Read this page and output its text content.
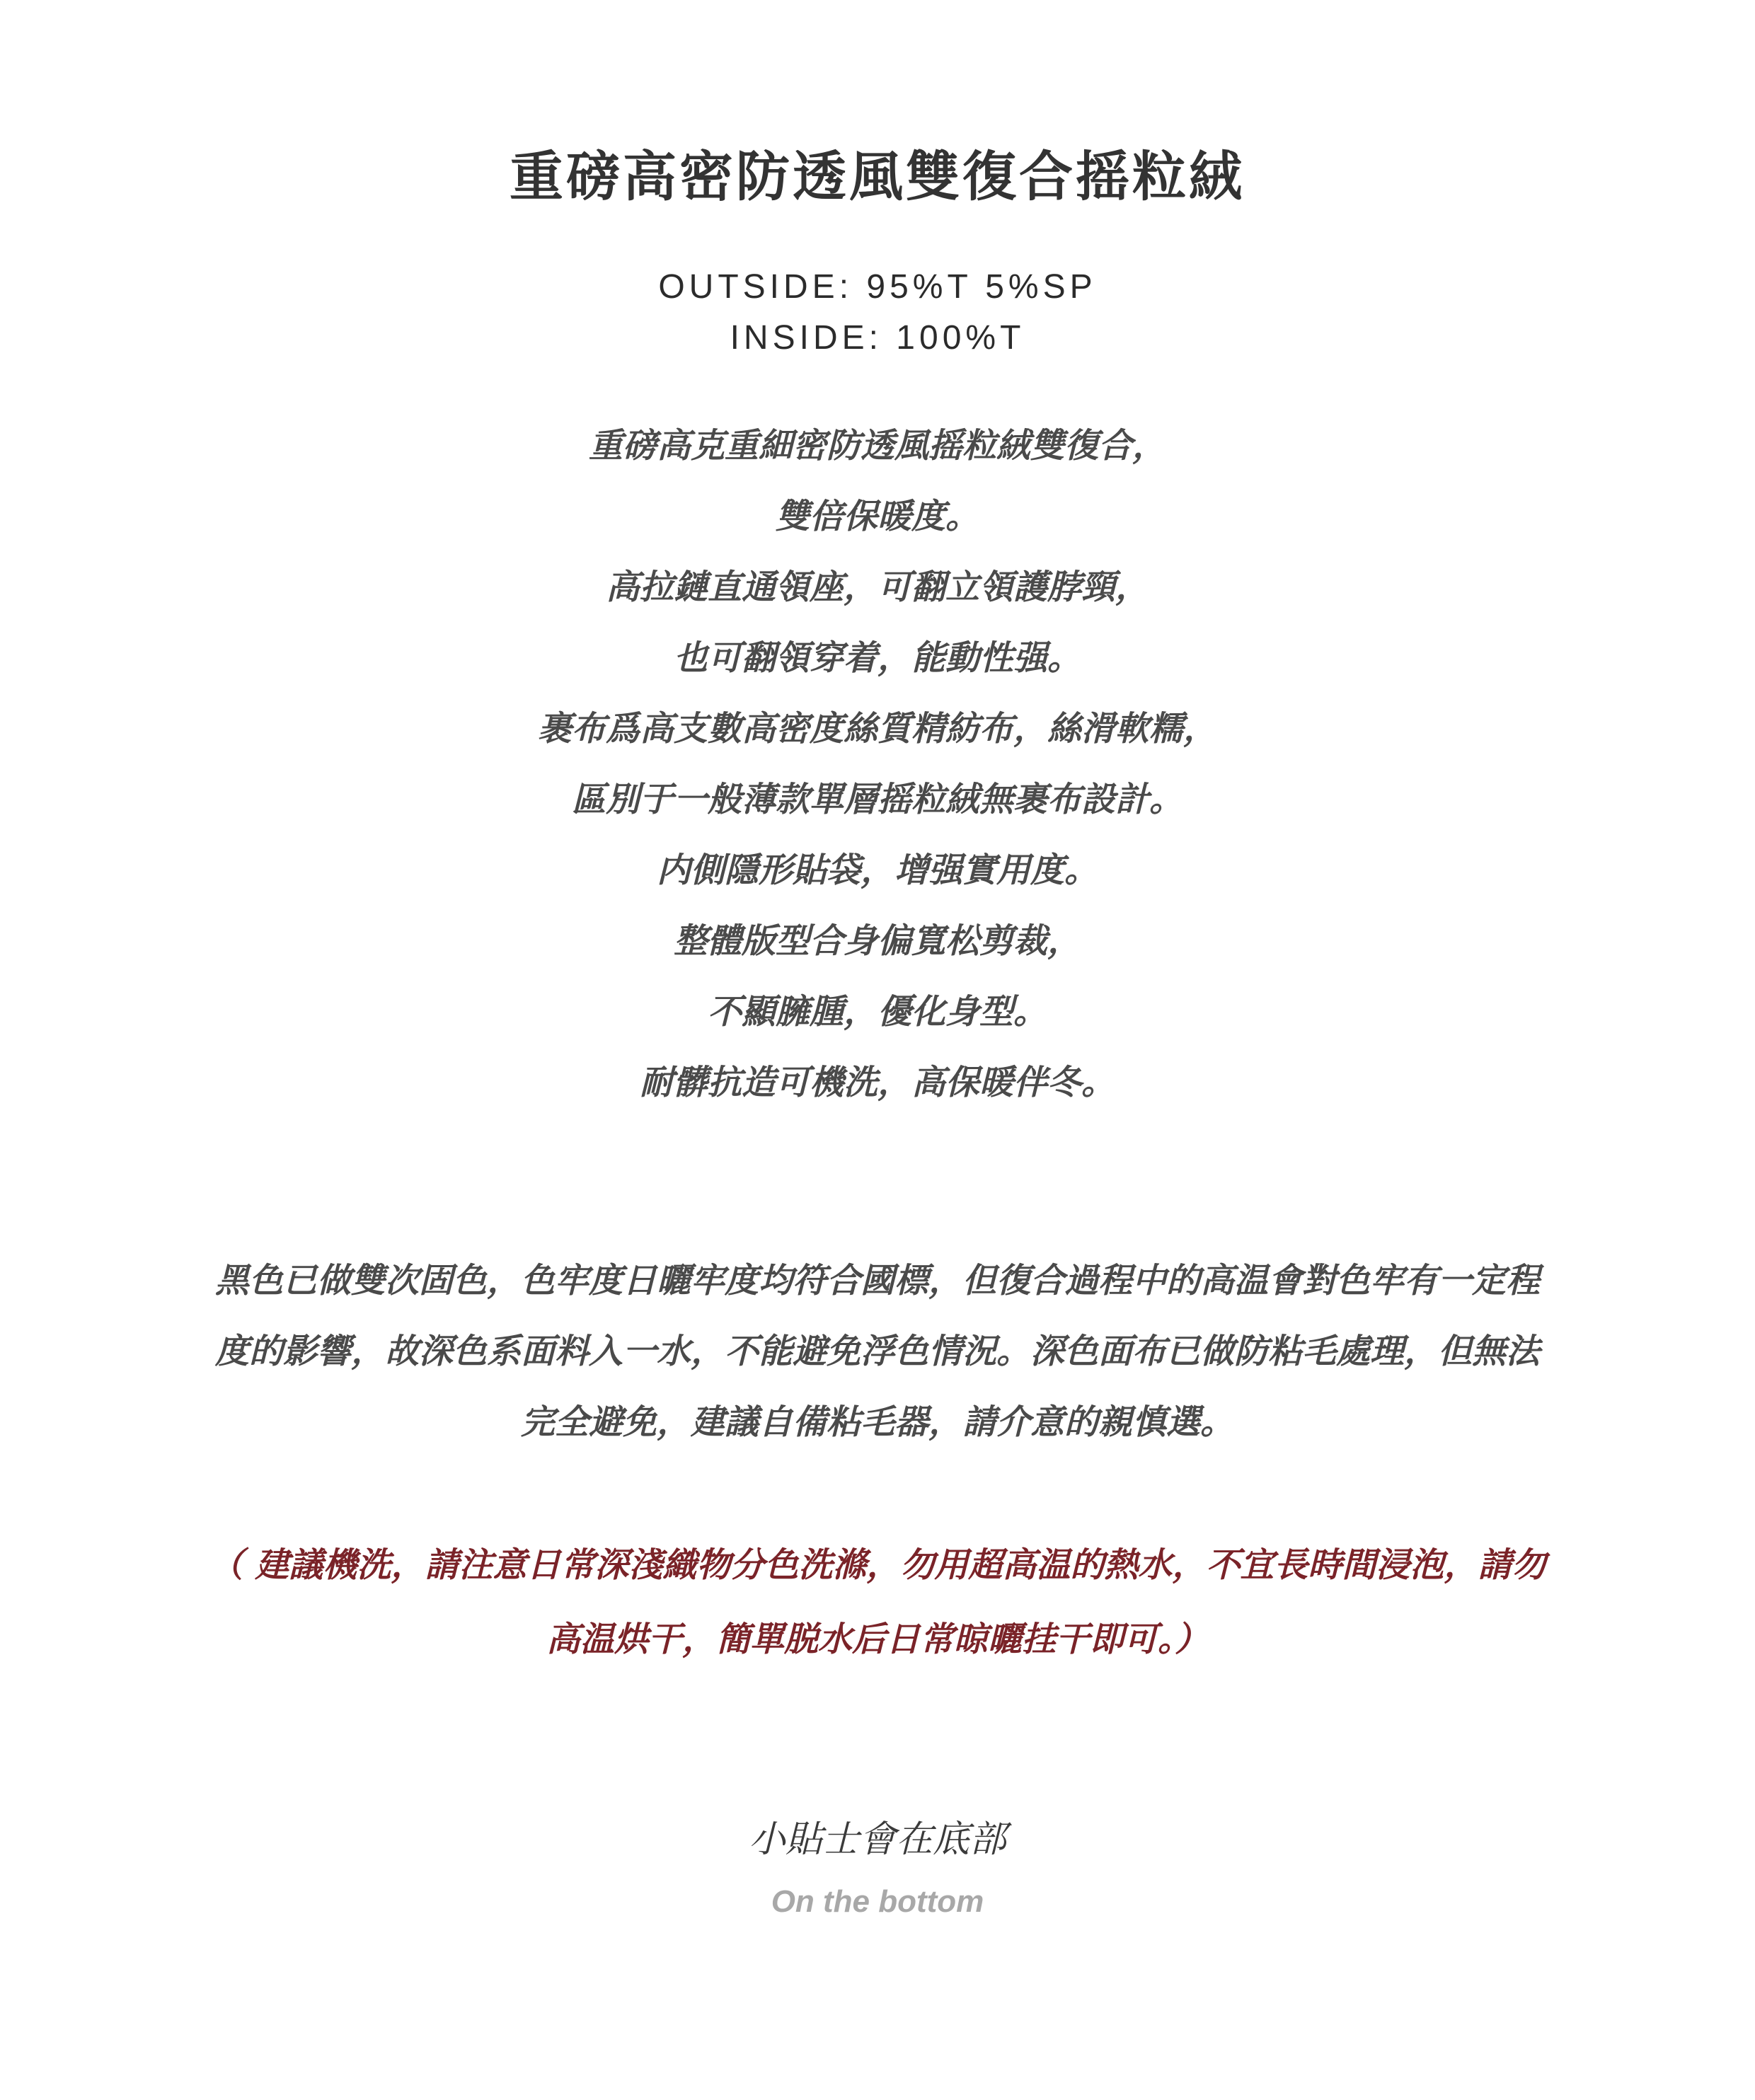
重磅高密防透風雙復合摇粒絨
OUTSIDE: 95%T 5%SP
INSIDE: 100%T
重磅高克重細密防透風摇粒絨雙復合，
雙倍保暖度。
高拉鏈直通領座，可翻立領護脖頸，
也可翻領穿着，能動性强。
裹布爲高支數高密度絲質精紡布，絲滑軟糯，
區別于一般薄款單層摇粒絨無裹布設計。
内側隱形貼袋，增强實用度。
整體版型合身偏寬松剪裁，
不顯臃腫，優化身型。
耐髒抗造可機洗，高保暖伴冬。
黑色已做雙次固色，色牢度日曬牢度均符合國標，但復合過程中的高温會對色牢有一定程
度的影響，故深色系面料入一水，不能避免浮色情況。深色面布已做防粘毛處理，但無法
完全避免，建議自備粘毛器，請介意的親慎選。
（ 建議機洗，請注意日常深淺織物分色洗滌，勿用超高温的熱水，不宜長時間浸泡，請勿
高温烘干，簡單脱水后日常晾曬挂干即可。）
小貼士會在底部
On the bottom
